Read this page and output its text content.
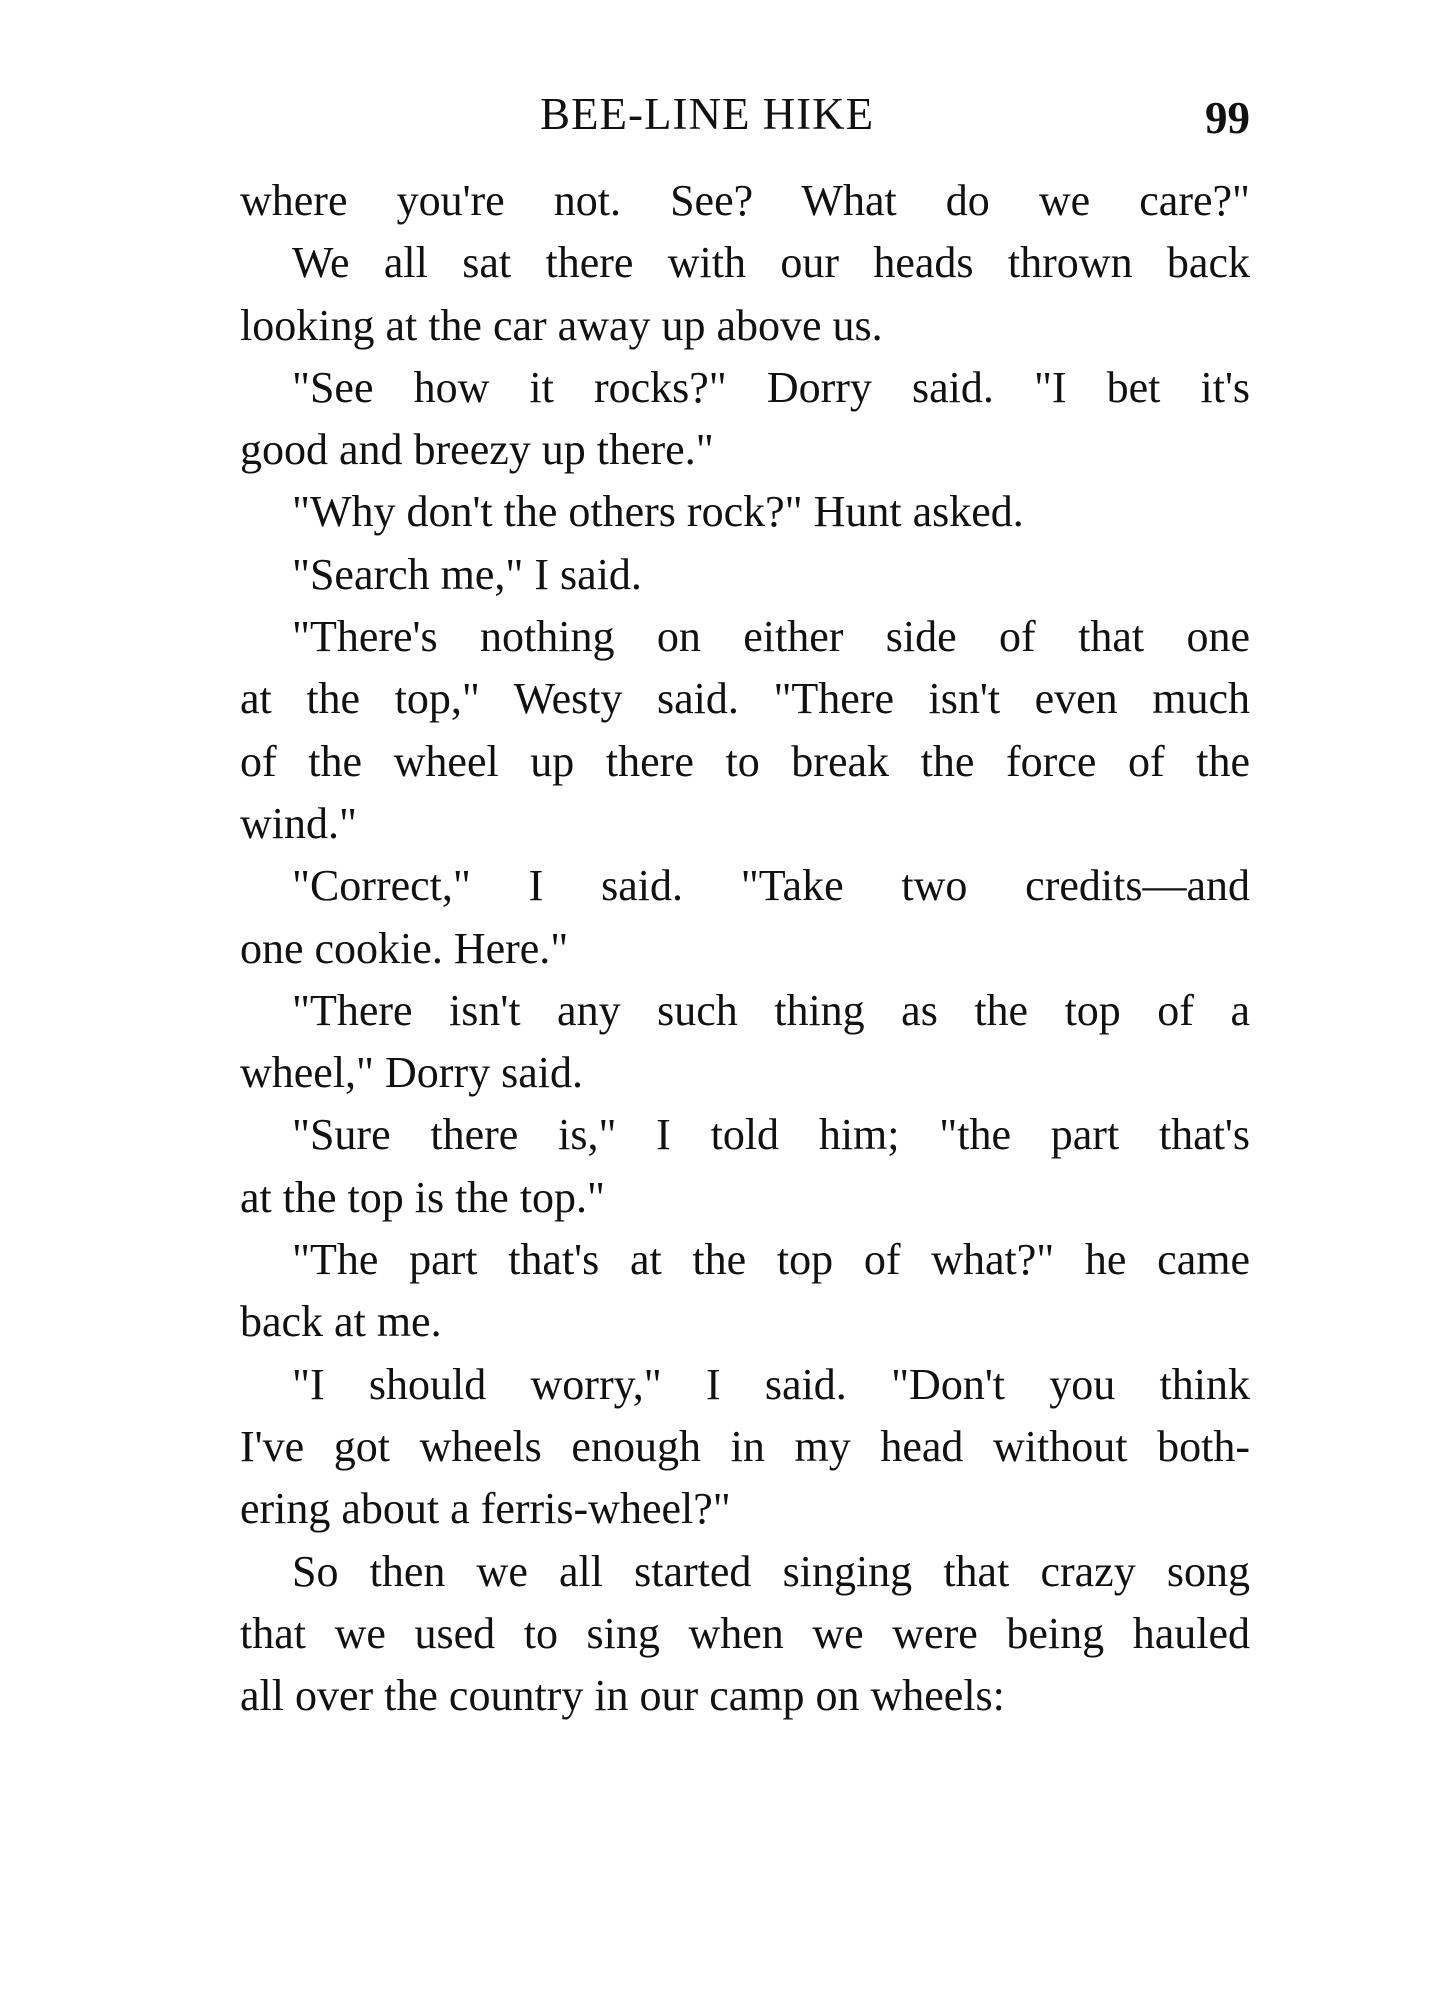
BEE-LINE HIKE	99
where you're not. See? What do we care?"
We all sat there with our heads thrown back
looking at the car away up above us.
"See how it rocks?" Dorry said. "I bet it's
good and breezy up there."
"Why don't the others rock?" Hunt asked.
"Search me," I said.
"There's nothing on either side of that one
at the top," Westy said. "There isn't even much
of the wheel up there to break the force of the
wind."
"Correct," I said. "Take two credits—and
one cookie. Here."
"There isn't any such thing as the top of a
wheel," Dorry said.
"Sure there is," I told him; "the part that's
at the top is the top."
"The part that's at the top of what?" he came
back at me.
"I should worry," I said. "Don't you think
I've got wheels enough in my head without both-
ering about a ferris-wheel?"
So then we all started singing that crazy song
that we used to sing when we were being hauled
all over the country in our camp on wheels:
